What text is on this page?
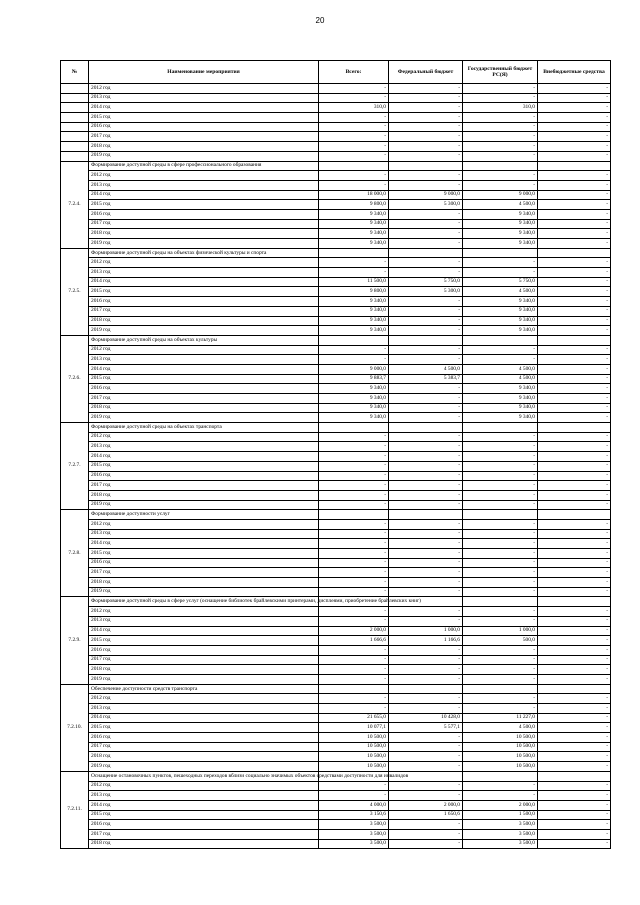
20
№	Наименование мероприятия	Всего:	Федеральный бюджет	Государственный бюджет РС(Я)	Внебюджетные средства
	2012 год	-	-	-	-
	2013 год	-	-	-	-
	2014 год	310,0	-	310,0	-
	2015 год	-	-	-	-
	2016 год	-	-	-	-
	2017 год	-	-	-	-
	2018 год	-	-	-	-
	2019 год	-	-	-	-
7.2.4.	Формирование доступной среды в сфере профессионального образования				
	2012 год	-	-	-	-
	2013 год	-	-	-	-
	2014 год	18 000,0	9 000,0	9 000,0	-
	2015 год	9 800,0	5 300,0	4 500,0	-
	2016 год	9 340,0	-	9 340,0	-
	2017 год	9 340,0	-	9 340,0	-
	2018 год	9 340,0	-	9 340,0	-
	2019 год	9 340,0	-	9 340,0	-
7.2.5.	Формирование доступной среды на объектах физической культуры и спорта				
	2012 год	-	-	-	-
	2013 год	-	-	-	-
	2014 год	11 500,0	5 750,0	5 750,0	-
	2015 год	9 800,0	5 300,0	4 500,0	-
	2016 год	9 340,0	-	9 340,0	-
	2017 год	9 340,0	-	9 340,0	-
	2018 год	9 340,0	-	9 340,0	-
	2019 год	9 340,0	-	9 340,0	-
7.2.6.	Формирование доступной среды на объектах культуры				
	2012 год	-	-	-	-
	2013 год	-	-	-	-
	2014 год	9 000,0	4 500,0	4 500,0	-
	2015 год	9 883,7	5 383,7	4 500,0	-
	2016 год	9 340,0	-	9 340,0	-
	2017 год	9 340,0	-	9 340,0	-
	2018 год	9 340,0	-	9 340,0	-
	2019 год	9 340,0	-	9 340,0	-
7.2.7.	Формирование доступной среды на объектах транспорта				
	2012 год	-	-	-	-
	2013 год	-	-	-	-
	2014 год	-	-	-	-
	2015 год	-	-	-	-
	2016 год	-	-	-	-
	2017 год	-	-	-	-
	2018 год	-	-	-	-
	2019 год	-	-	-	-
7.2.8.	Формирование доступности услуг				
	2012 год	-	-	-	-
	2013 год	-	-	-	-
	2014 год	-	-	-	-
	2015 год	-	-	-	-
	2016 год	-	-	-	-
	2017 год	-	-	-	-
	2018 год	-	-	-	-
	2019 год	-	-	-	-
7.2.9.	Формирование доступной среды в сфере услуг (оснащение библиотек брайлевскими принтерами, дисплеями, приобретение брайлевских книг)				
	2012 год	-	-	-	-
	2013 год	-	-	-	-
	2014 год	2 000,0	1 000,0	1 000,0	-
	2015 год	1 666,6	1 166,6	500,0	-
	2016 год	-	-	-	-
	2017 год	-	-	-	-
	2018 год	-	-	-	-
	2019 год	-	-	-	-
7.2.10.	Обеспечение доступности средств транспорта				
	2012 год	-	-	-	-
	2013 год	-	-	-	-
	2014 год	21 655,0	10 428,0	11 227,0	-
	2015 год	10 077,1	5 577,1	4 500,0	-
	2016 год	10 500,0	-	10 500,0	-
	2017 год	10 500,0	-	10 500,0	-
	2018 год	10 500,0	-	10 500,0	-
	2019 год	10 500,0	-	10 500,0	-
7.2.11.	Оснащение остановочных пунктов, пешеходных переходов вблизи социально значимых объектов средствами доступности для инвалидов				
	2012 год	-	-	-	-
	2013 год	-	-	-	-
	2014 год	4 000,0	2 000,0	2 000,0	-
	2015 год	3 150,6	1 650,6	1 500,0	-
	2016 год	3 500,0	-	3 500,0	-
	2017 год	3 500,0	-	3 500,0	-
	2018 год	3 500,0	-	3 500,0	-
